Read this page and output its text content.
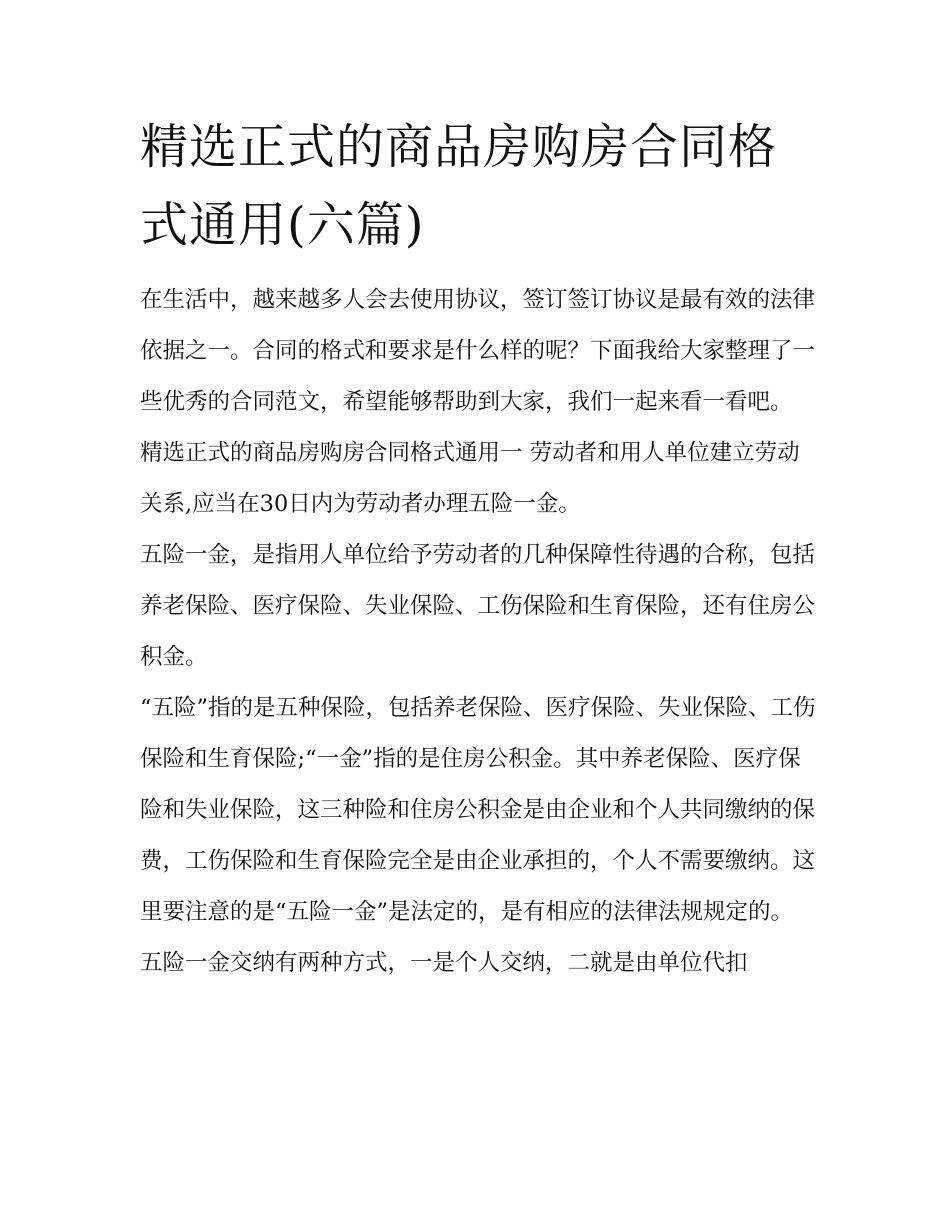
精选正式的商品房购房合同格式通用(六篇)

在生活中，越来越多人会去使用协议，签订签订协议是最有效的法律依据之一。合同的格式和要求是什么样的呢？下面我给大家整理了一些优秀的合同范文，希望能够帮助到大家，我们一起来看一看吧。

精选正式的商品房购房合同格式通用一 劳动者和用人单位建立劳动关系,应当在30日内为劳动者办理五险一金。

五险一金，是指用人单位给予劳动者的几种保障性待遇的合称，包括养老保险、医疗保险、失业保险、工伤保险和生育保险，还有住房公积金。

“五险”指的是五种保险，包括养老保险、医疗保险、失业保险、工伤保险和生育保险;“一金”指的是住房公积金。其中养老保险、医疗保险和失业保险，这三种险和住房公积金是由企业和个人共同缴纳的保费，工伤保险和生育保险完全是由企业承担的，个人不需要缴纳。这里要注意的是“五险一金”是法定的，是有相应的法律法规规定的。

五险一金交纳有两种方式，一是个人交纳，二就是由单位代扣
